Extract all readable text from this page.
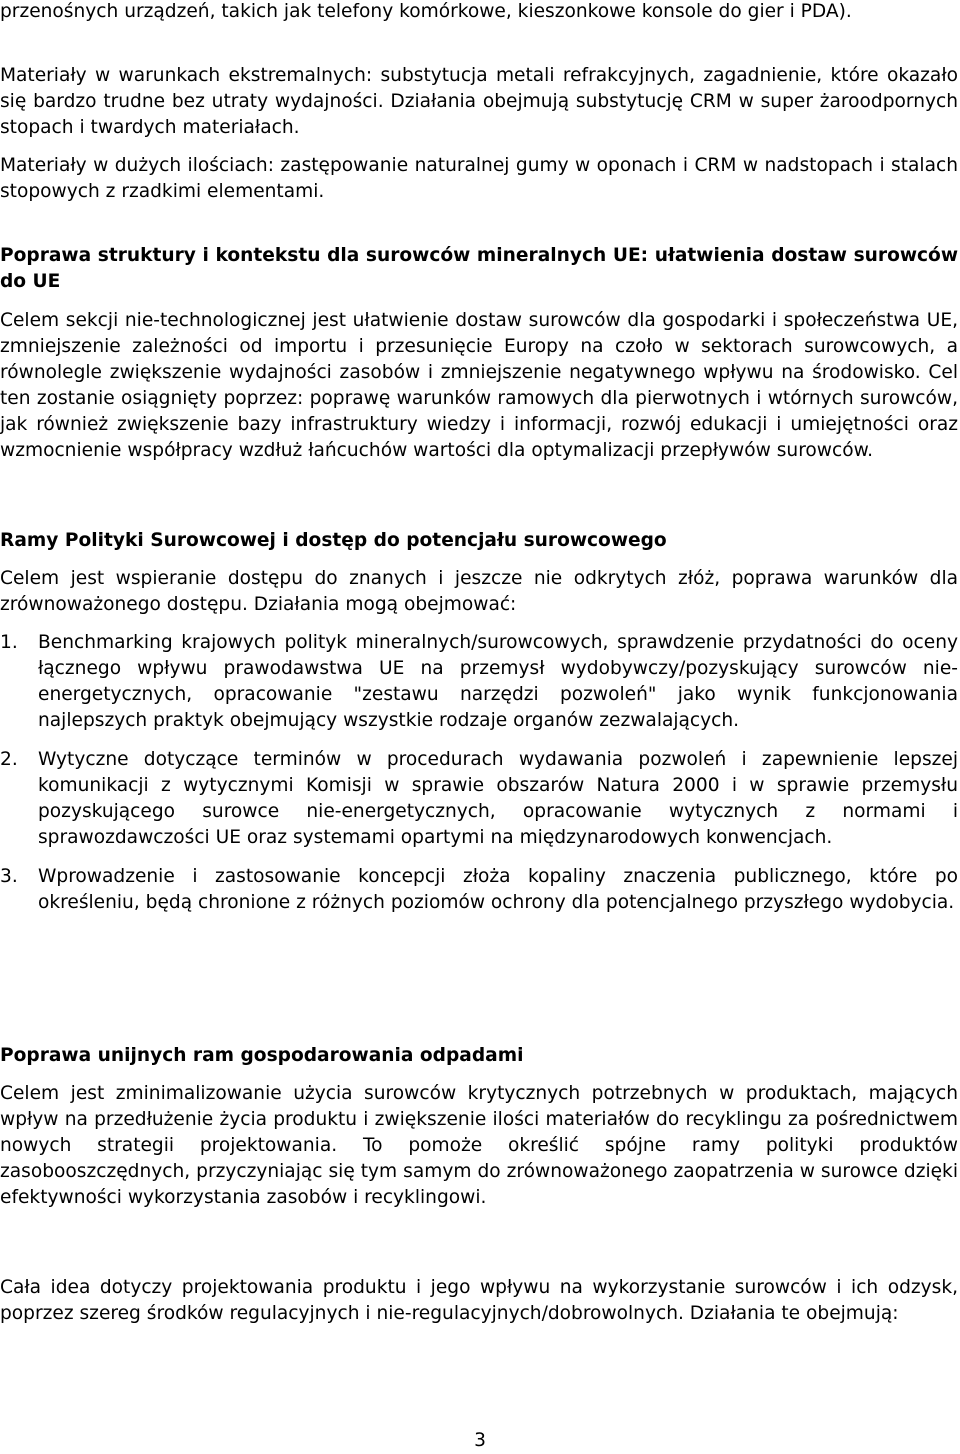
przenośnych urządzeń, takich jak telefony komórkowe, kieszonkowe konsole do gier i PDA).

Materiały w warunkach ekstremalnych: substytucja metali refrakcyjnych, zagadnienie, które okazało się bardzo trudne bez utraty wydajności. Działania obejmują substytucję CRM w super żaroodpornych stopach i twardych materiałach.

Materiały w dużych ilościach: zastępowanie naturalnej gumy w oponach i CRM w nadstopach i stalach stopowych z rzadkimi elementami.

Poprawa struktury i kontekstu dla surowców mineralnych UE: ułatwienia dostaw surowców do UE

Celem sekcji nie-technologicznej jest ułatwienie dostaw surowców dla gospodarki i społeczeństwa UE, zmniejszenie zależności od importu i przesunięcie Europy na czoło w sektorach surowcowych, a równolegle zwiększenie wydajności zasobów i zmniejszenie negatywnego wpływu na środowisko. Cel ten zostanie osiągnięty poprzez: poprawę warunków ramowych dla pierwotnych i wtórnych surowców, jak również zwiększenie bazy infrastruktury wiedzy i informacji, rozwój edukacji i umiejętności oraz wzmocnienie współpracy wzdłuż łańcuchów wartości dla optymalizacji przepływów surowców.

Ramy Polityki Surowcowej i dostęp do potencjału surowcowego

Celem jest wspieranie dostępu do znanych i jeszcze nie odkrytych złóż, poprawa warunków dla zrównoważonego dostępu. Działania mogą obejmować:

1. Benchmarking krajowych polityk mineralnych/surowcowych, sprawdzenie przydatności do oceny łącznego wpływu prawodawstwa UE na przemysł wydobywczy/pozyskujący surowców nie-energetycznych, opracowanie "zestawu narzędzi pozwoleń" jako wynik funkcjonowania najlepszych praktyk obejmujący wszystkie rodzaje organów zezwalających.
2. Wytyczne dotyczące terminów w procedurach wydawania pozwoleń i zapewnienie lepszej komunikacji z wytycznymi Komisji w sprawie obszarów Natura 2000 i w sprawie przemysłu pozyskującego surowce nie-energetycznych, opracowanie wytycznych z normami i sprawozdawczości UE oraz systemami opartymi na międzynarodowych konwencjach.
3. Wprowadzenie i zastosowanie koncepcji złoża kopaliny znaczenia publicznego, które po określeniu, będą chronione z różnych poziomów ochrony dla potencjalnego przyszłego wydobycia.

Poprawa unijnych ram gospodarowania odpadami

Celem jest zminimalizowanie użycia surowców krytycznych potrzebnych w produktach, mających wpływ na przedłużenie życia produktu i zwiększenie ilości materiałów do recyklingu za pośrednictwem nowych strategii projektowania. To pomoże określić spójne ramy polityki produktów zasobooszczędnych, przyczyniając się tym samym do zrównoważonego zaopatrzenia w surowce dzięki efektywności wykorzystania zasobów i recyklingowi.

Cała idea dotyczy projektowania produktu i jego wpływu na wykorzystanie surowców i ich odzysk, poprzez szereg środków regulacyjnych i nie-regulacyjnych/dobrowolnych. Działania te obejmują:

3
